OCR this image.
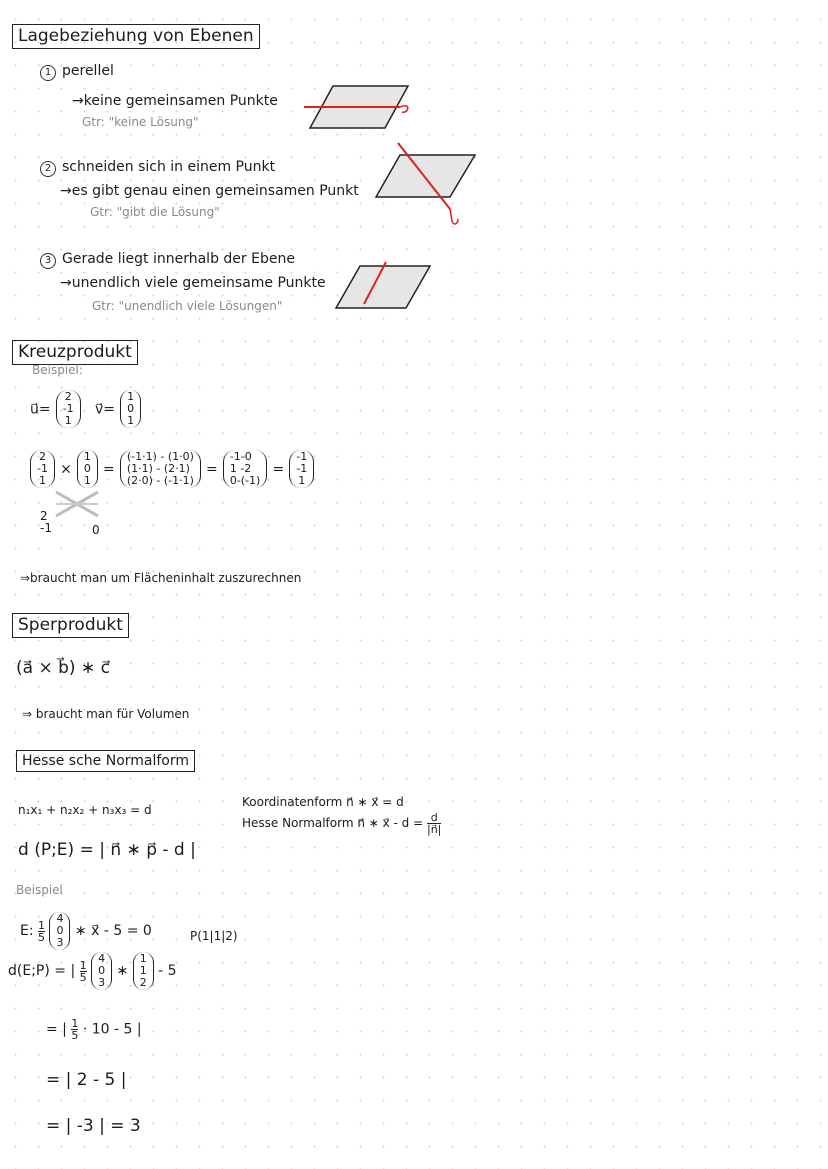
Lagebeziehung von Ebenen
1 perellel
→keine gemeinsamen Punkte
Gtr: "keine Lösung"
2 schneiden sich in einem Punkt
→es gibt genau einen gemeinsamen Punkt
Gtr: "gibt die Lösung"
3 Gerade liegt innerhalb der Ebene
→unendlich viele gemeinsame Punkte
Gtr: "unendlich viele Lösungen"
Kreuzprodukt
Beispiel:
u⃗=
2
-1
1
v⃗=
1
0
1
2
-1
1
×
1
0
1
=
(-1·1) - (1·0)
(1·1) - (2·1)
(2·0) - (-1·1)
=
-1-0
1 -2
0-(-1)
=
-1
-1
1
2
-1	0
⇒braucht man um Flächeninhalt zuszurechnen
Sperprodukt
(a⃗ × b⃗) ∗ c⃗
⇒ braucht man für Volumen
Hesse sche Normalform
n₁x₁ + n₂x₂ + n₃x₃ = d
Koordinatenform n⃗ ∗ x⃗ = d
Hesse Normalform n⃗ ∗ x⃗ - $d = \frac{d}{|n⃗|}$
d (P;E) = | n⃗ ∗ p⃗ - d |
Beispiel
E: $\frac{1}{5}$

4
0
3
∗ x⃗ - 5 = 0	P(1|1|2)
d(E;P) = | $\frac{1}{5}$

4
0
3
∗
1
1
2
- 5
= | $\frac{1}{5} \cdot 10 - 5$ |
= | 2 - 5 |
= | -3 | = 3
